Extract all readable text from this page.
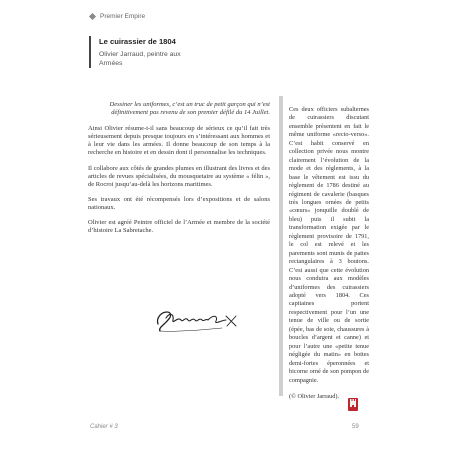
Premier Empire
Le cuirassier de 1804
Olivier Jarraud, peintre aux Armées

Dessiner les uniformes, c’est un truc de petit garçon qui n’est définitivement pas revenu de son premier défilé du 14 Juillet.

Ainsi Olivier résume-t-il sans beaucoup de sérieux ce qu’il fait très sérieusement depuis presque toujours en s’intéressant aux hommes et à leur vie dans les armées. Il donne beaucoup de son temps à la recherche en histoire et en dessin dont il personnalise les techniques.

Il collabore aux côtés de grandes plumes en illustrant des livres et des articles de revues spécialisées, du mousquetaire au système « félin », de Rocroi jusqu’au-delà les horizons maritimes.

Ses travaux ont été récompensés lors d’expositions et de salons nationaux.

Olivier est agréé Peintre officiel de l’Armée et membre de la société d’histoire La Sabretache.

Ces deux officiers subalternes de cuirassiers discutant ensemble présentent en fait le même uniforme «recto-verso». C’est habit conservé en collection privée nous montre clairement l’évolution de la mode et des règlements, à la base le vêtement est issu du règlement de 1786 destiné au régiment de cavalerie (basques très longues ornées de petits «cœurs» jonquille doublé de bleu) puis il subit la transformation exigée par le règlement provisoire de 1791, le col est relevé et les parements sont munis de pattes rectangulaires à 3 boutons. C’est aussi que cette évolution nous conduira aux modèles d’uniformes des cuirassiers adopté vers 1804. Ces capitaines portent respectivement pour l’un une tenue de ville ou de sortie (épée, bas de soie, chaussures à boucles d’argent et canne) et pour l’autre une «petite tenue négligée du matin» en bottes demi-fortes éperonnées et bicorne orné de son pompon de compagnie.

(© Olivier Jarraud).

Cahier # 3	59
